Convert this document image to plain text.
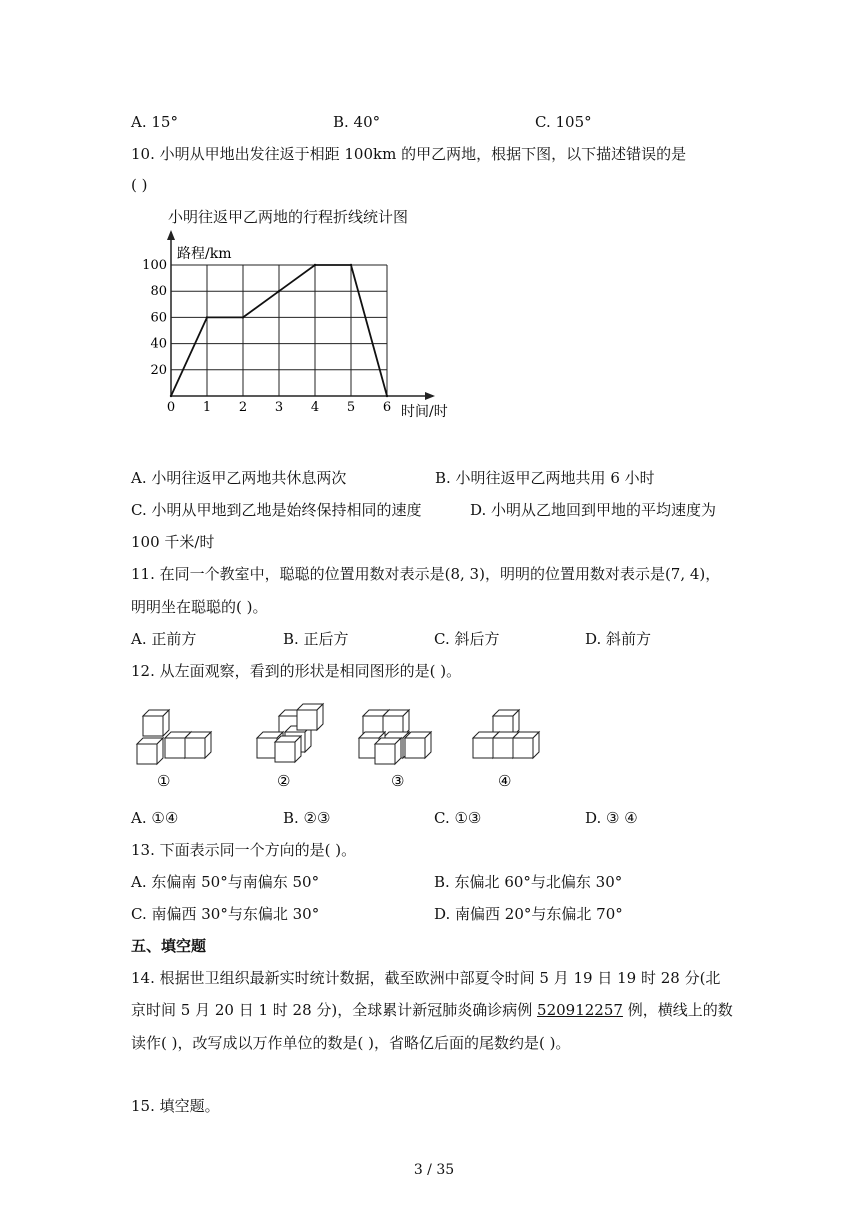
A. 15°	B. 40°	C. 105°
10. 小明从甲地出发往返于相距 100km 的甲乙两地，根据下图，以下描述错误的是
( )
小明往返甲乙两地的行程折线统计图
路程/km
时间/时
0 1 2 3 4 5 6
20
40
60
80
100
A. 小明往返甲乙两地共休息两次	B. 小明往返甲乙两地共用 6 小时
C. 小明从甲地到乙地是始终保持相同的速度	D. 小明从乙地回到甲地的平均速度为
100 千米/时
11. 在同一个教室中，聪聪的位置用数对表示是(8, 3)，明明的位置用数对表示是(7, 4)，
明明坐在聪聪的( )。
A. 正前方	B. 正后方	C. 斜后方	D. 斜前方
12. 从左面观察，看到的形状是相同图形的是( )。
①	②	③	④
A. ①④	B. ②③	C. ①③	D. ③ ④
13. 下面表示同一个方向的是( )。
A. 东偏南 50°与南偏东 50°	B. 东偏北 60°与北偏东 30°
C. 南偏西 30°与东偏北 30°	D. 南偏西 20°与东偏北 70°
五、填空题
14. 根据世卫组织最新实时统计数据，截至欧洲中部夏令时间 5 月 19 日 19 时 28 分(北
京时间 5 月 20 日 1 时 28 分)，全球累计新冠肺炎确诊病例 520912257 例，横线上的数
读作( )，改写成以万作单位的数是( )，省略亿后面的尾数约是( )。
15. 填空题。
3 / 35
